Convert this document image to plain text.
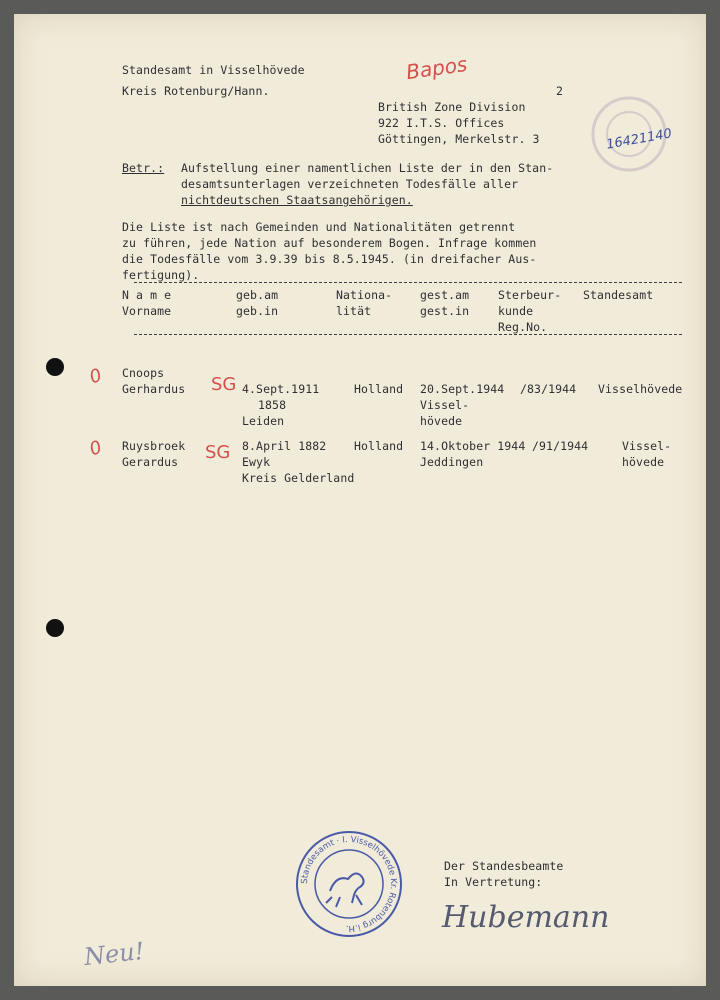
Standesamt in Visselhövede
Kreis Rotenburg/Hann.	2
British Zone Division
922 I.T.S. Offices
Göttingen, Merkelstr. 3
Bapos
16421140
Betr.: Aufstellung einer namentlichen Liste der in den Stan-
desamtsunterlagen verzeichneten Todesfälle aller
nichtdeutschen Staatsangehörigen.
Die Liste ist nach Gemeinden und Nationalitäten getrennt
zu führen, jede Nation auf besonderem Bogen. Infrage kommen
die Todesfälle vom 3.9.39 bis 8.5.1945. (in dreifacher Aus-
fertigung).
N a m e
Vorname
geb.am
geb.in
Nationa-
lität
gest.am
gest.in
Sterbeur-
kunde
Reg.No.
Standesamt
0 Cnoops
Gerhardus SG 4.Sept.1911
1858
Leiden
Holland 20.Sept.1944
Vissel-
hövede
/83/1944 Visselhövede
0 Ruysbroek
Gerardus SG 8.April 1882
Ewyk
Kreis Gelderland
Holland 14.Oktober 1944
Jeddingen
/91/1944	Vissel-
hövede
Standesamt · I. Visselhövede Kr. Rotenburg i.H.
Der Standesbeamte
In Vertretung:
Hubemann
Neu!
